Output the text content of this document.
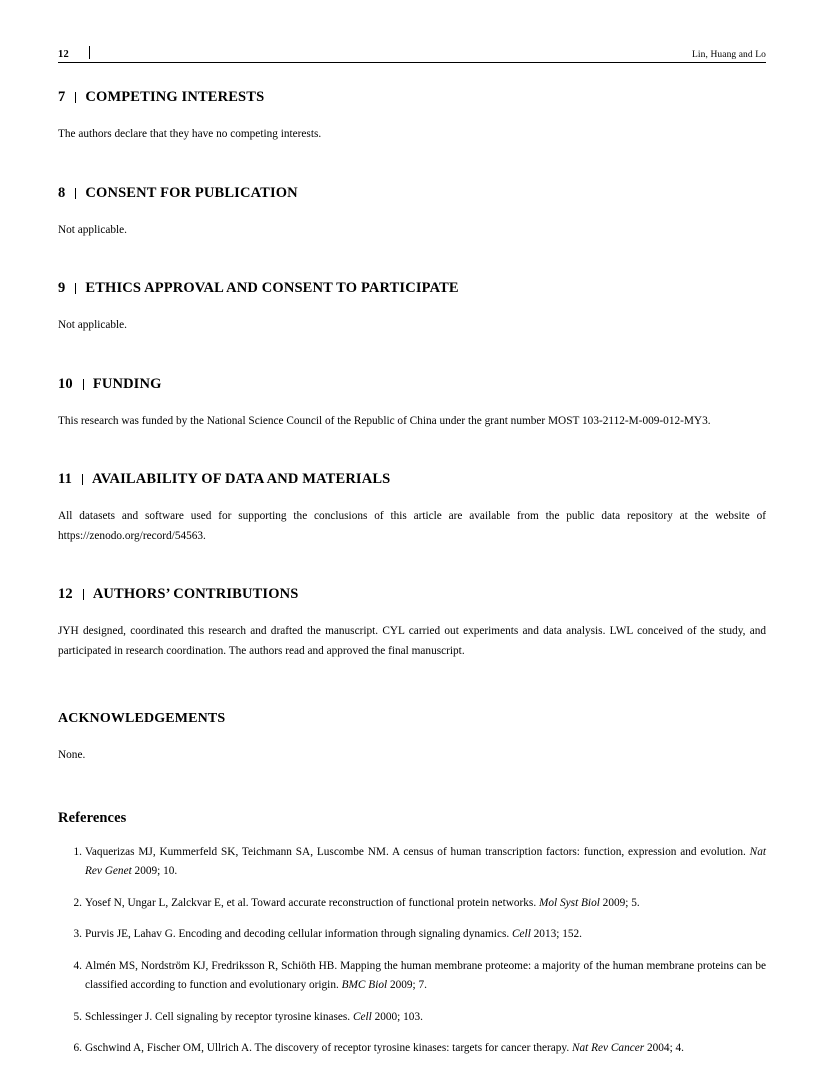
12	Lin, Huang and Lo
7 COMPETING INTERESTS

The authors declare that they have no competing interests.

8 CONSENT FOR PUBLICATION

Not applicable.

9 ETHICS APPROVAL AND CONSENT TO PARTICIPATE

Not applicable.

10 FUNDING

This research was funded by the National Science Council of the Republic of China under the grant number MOST 103-2112-M-009-012-MY3.

11 AVAILABILITY OF DATA AND MATERIALS

All datasets and software used for supporting the conclusions of this article are available from the public data repository at the website of https://zenodo.org/record/54563.

12 AUTHORS’ CONTRIBUTIONS

JYH designed, coordinated this research and drafted the manuscript. CYL carried out experiments and data analysis. LWL conceived of the study, and participated in research coordination. The authors read and approved the final manuscript.

ACKNOWLEDGEMENTS

None.

References
1. Vaquerizas MJ, Kummerfeld SK, Teichmann SA, Luscombe NM. A census of human transcription factors: function, expression and evolution. Nat Rev Genet 2009; 10.
2. Yosef N, Ungar L, Zalckvar E, et al. Toward accurate reconstruction of functional protein networks. Mol Syst Biol 2009; 5.
3. Purvis JE, Lahav G. Encoding and decoding cellular information through signaling dynamics. Cell 2013; 152.
4. Almén MS, Nordström KJ, Fredriksson R, Schiöth HB. Mapping the human membrane proteome: a majority of the human membrane proteins can be classified according to function and evolutionary origin. BMC Biol 2009; 7.
5. Schlessinger J. Cell signaling by receptor tyrosine kinases. Cell 2000; 103.
6. Gschwind A, Fischer OM, Ullrich A. The discovery of receptor tyrosine kinases: targets for cancer therapy. Nat Rev Cancer 2004; 4.
